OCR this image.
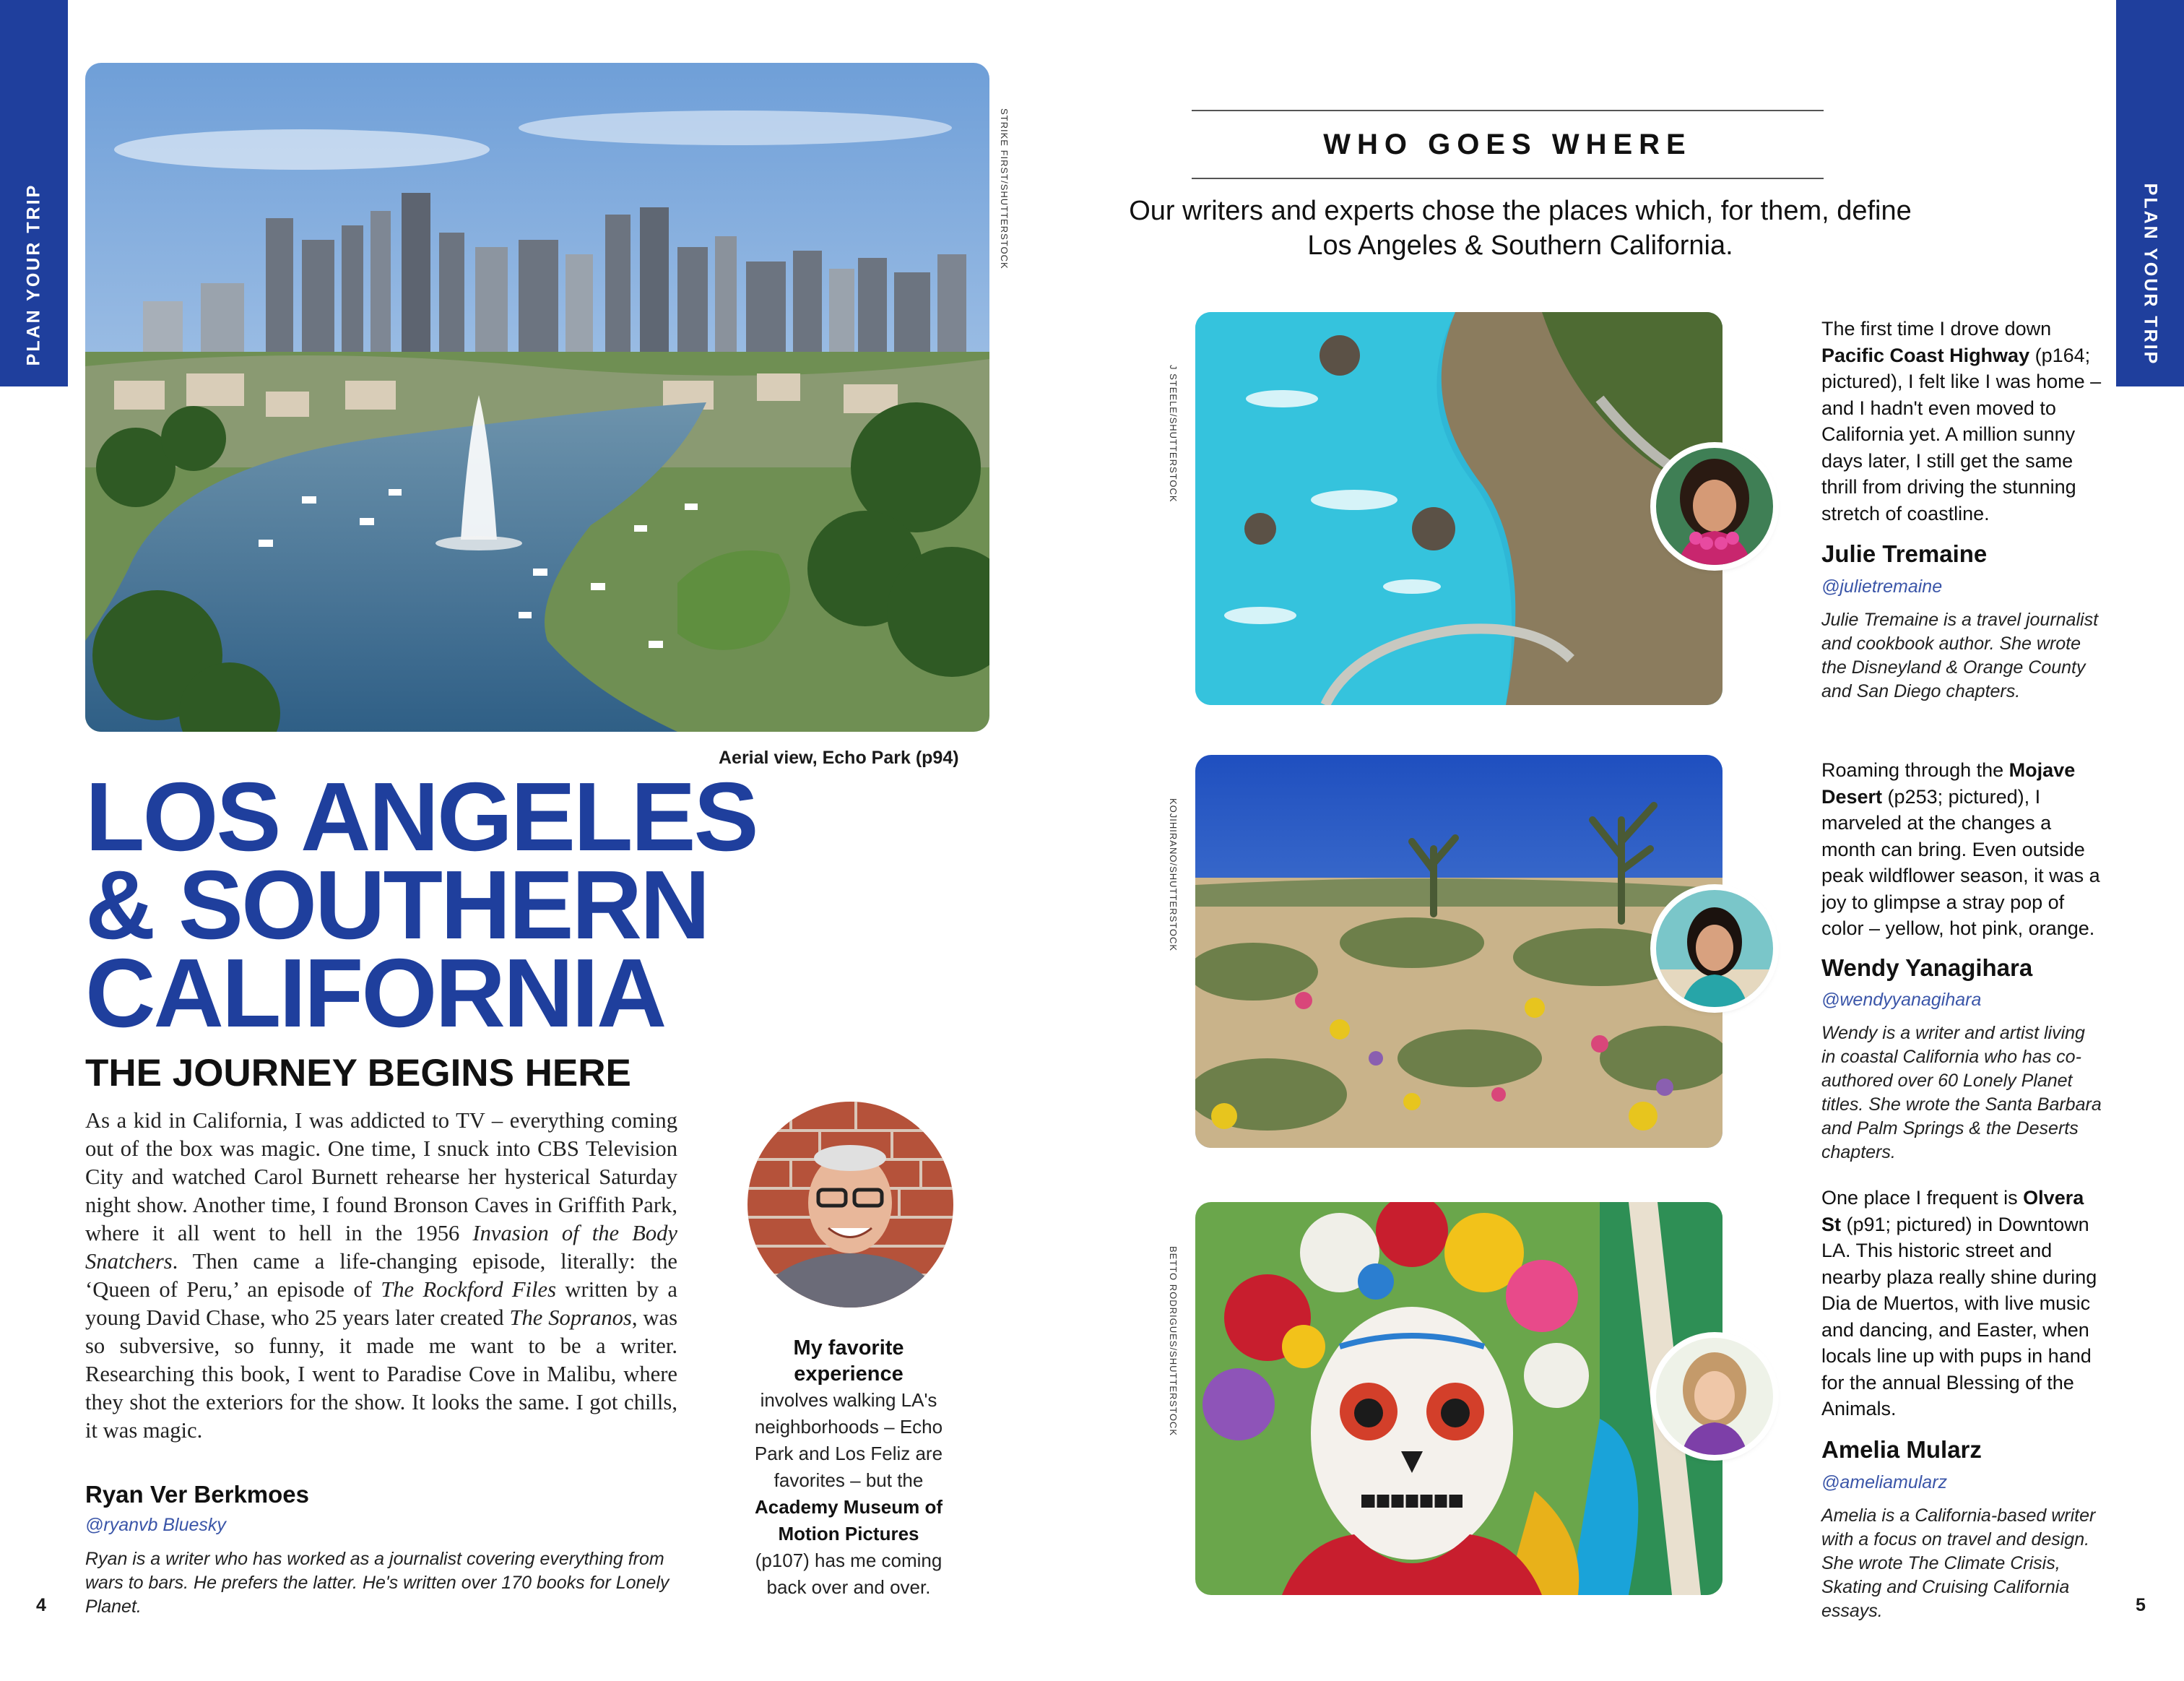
PLAN YOUR TRIP	PLAN YOUR TRIP
STRIKE FIRST/SHUTTERSTOCK
Aerial view, Echo Park (p94)
LOS ANGELES
& SOUTHERN
CALIFORNIA
THE JOURNEY BEGINS HERE
As a kid in California, I was addicted to TV – everything coming out of the box was magic. One time, I snuck into CBS Television City and watched Carol Burnett rehearse her hysterical Saturday night show. Another time, I found Bronson Caves in Griffith Park, where it all went to hell in the 1956 Invasion of the Body Snatchers. Then came a life-changing episode, literally: the ‘Queen of Peru,’ an episode of The Rockford Files written by a young David Chase, who 25 years later created The Sopranos, was so subversive, so funny, it made me want to be a writer. Researching this book, I went to Paradise Cove in Malibu, where they shot the exteriors for the show. It looks the same. I got chills, it was magic.
Ryan Ver Berkmoes
@ryanvb Bluesky
Ryan is a writer who has worked as a journalist covering everything from wars to bars. He prefers the latter. He's written over 170 books for Lonely Planet.
My favorite experience
involves walking LA's neighborhoods – Echo Park and Los Feliz are favorites – but the
Academy Museum of Motion Pictures
(p107) has me coming back over and over.
4
WHO GOES WHERE
Our writers and experts chose the places which, for them, define
Los Angeles & Southern California.
J STEELE/SHUTTERSTOCK
The first time I drove down Pacific Coast Highway (p164; pictured), I felt like I was home – and I hadn't even moved to California yet. A million sunny days later, I still get the same thrill from driving the stunning stretch of coastline.
Julie Tremaine
@julietremaine
Julie Tremaine is a travel journalist and cookbook author. She wrote the Disneyland & Orange County and San Diego chapters.
KOJIHIRANO/SHUTTERSTOCK
Roaming through the Mojave Desert (p253; pictured), I marveled at the changes a month can bring. Even outside peak wildflower season, it was a joy to glimpse a stray pop of color – yellow, hot pink, orange.
Wendy Yanagihara
@wendyyanagihara
Wendy is a writer and artist living in coastal California who has co-authored over 60 Lonely Planet titles. She wrote the Santa Barbara and Palm Springs & the Deserts chapters.
BETTO RODRIGUES/SHUTTERSTOCK
One place I frequent is Olvera St (p91; pictured) in Downtown LA. This historic street and nearby plaza really shine during Dia de Muertos, with live music and dancing, and Easter, when locals line up with pups in hand for the annual Blessing of the Animals.
Amelia Mularz
@ameliamularz
Amelia is a California-based writer with a focus on travel and design. She wrote The Climate Crisis, Skating and Cruising California essays.	5
